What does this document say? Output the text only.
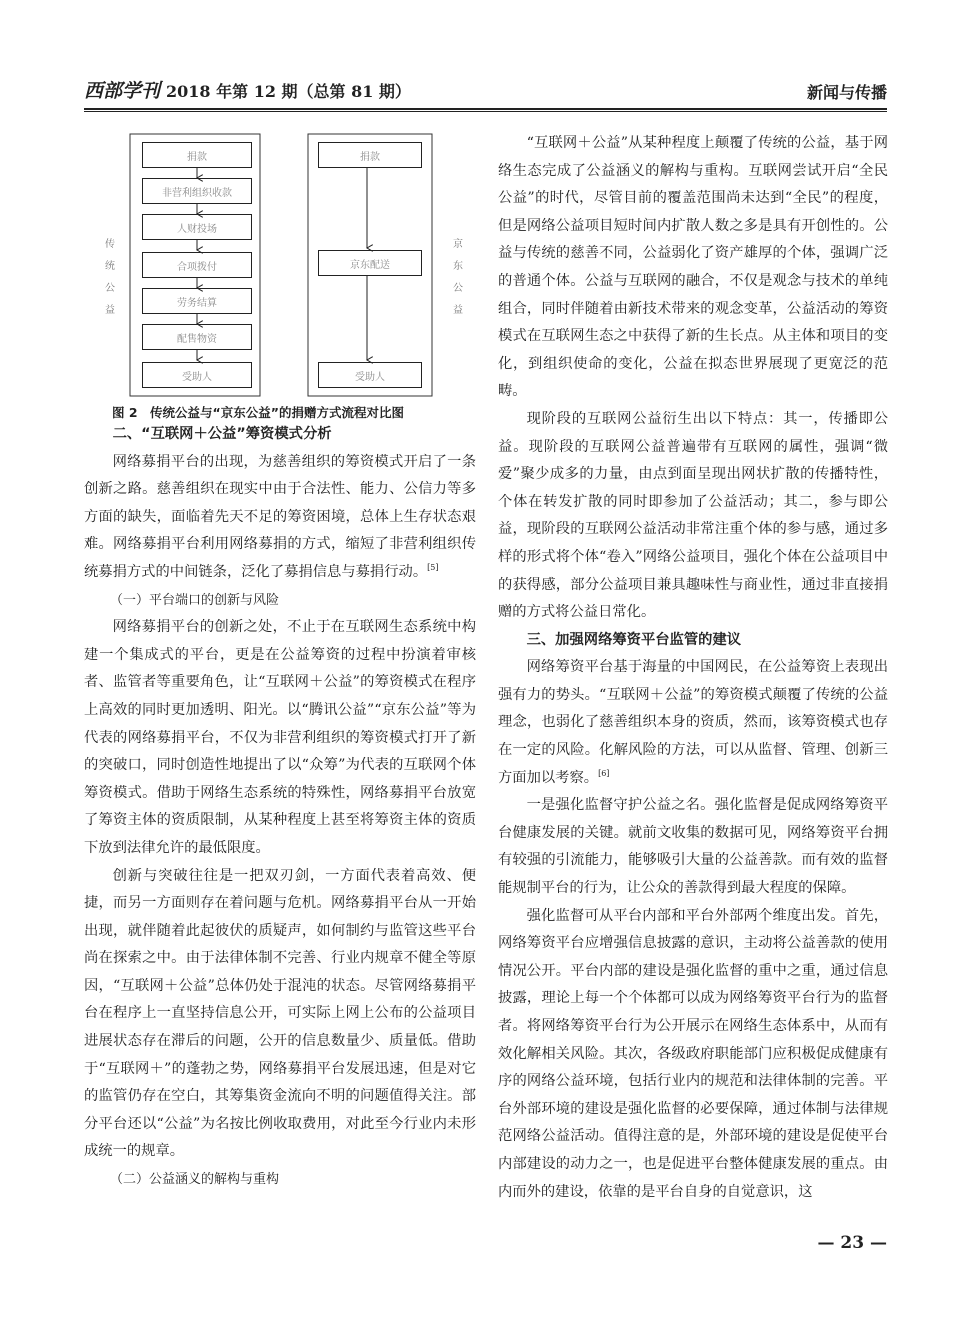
西部学刊 2018 年第 12 期（总第 81 期）	新闻与传播
捐款
非营利组织收款
人财投场
合项拨付
劳务结算
配售物资
受助人
捐款
京东配送
受助人
传统公益
京东公益
图 2　传统公益与“京东公益”的捐赠方式流程对比图
二、“互联网＋公益”筹资模式分析

网络募捐平台的出现，为慈善组织的筹资模式开启了一条创新之路。慈善组织在现实中由于合法性、能力、公信力等多方面的缺失，面临着先天不足的筹资困境，总体上生存状态艰难。网络募捐平台利用网络募捐的方式，缩短了非营利组织传统募捐方式的中间链条，泛化了募捐信息与募捐行动。[5]

（一）平台端口的创新与风险

网络募捐平台的创新之处，不止于在互联网生态系统中构建一个集成式的平台，更是在公益筹资的过程中扮演着审核者、监管者等重要角色，让“互联网＋公益”的筹资模式在程序上高效的同时更加透明、阳光。以“腾讯公益”“京东公益”等为代表的网络募捐平台，不仅为非营利组织的筹资模式打开了新的突破口，同时创造性地提出了以“众筹”为代表的互联网个体筹资模式。借助于网络生态系统的特殊性，网络募捐平台放宽了筹资主体的资质限制，从某种程度上甚至将筹资主体的资质下放到法律允许的最低限度。

创新与突破往往是一把双刃剑，一方面代表着高效、便捷，而另一方面则存在着问题与危机。网络募捐平台从一开始出现，就伴随着此起彼伏的质疑声，如何制约与监管这些平台尚在探索之中。由于法律体制不完善、行业内规章不健全等原因，“互联网＋公益”总体仍处于混沌的状态。尽管网络募捐平台在程序上一直坚持信息公开，可实际上网上公布的公益项目进展状态存在滞后的问题，公开的信息数量少、质量低。借助于“互联网＋”的蓬勃之势，网络募捐平台发展迅速，但是对它的监管仍存在空白，其筹集资金流向不明的问题值得关注。部分平台还以“公益”为名按比例收取费用，对此至今行业内未形成统一的规章。

（二）公益涵义的解构与重构

“互联网＋公益”从某种程度上颠覆了传统的公益，基于网络生态完成了公益涵义的解构与重构。互联网尝试开启“全民公益”的时代，尽管目前的覆盖范围尚未达到“全民”的程度，但是网络公益项目短时间内扩散人数之多是具有开创性的。公益与传统的慈善不同，公益弱化了资产雄厚的个体，强调广泛的普通个体。公益与互联网的融合，不仅是观念与技术的单纯组合，同时伴随着由新技术带来的观念变革，公益活动的筹资模式在互联网生态之中获得了新的生长点。从主体和项目的变化，到组织使命的变化，公益在拟态世界展现了更宽泛的范畴。

现阶段的互联网公益衍生出以下特点：其一，传播即公益。现阶段的互联网公益普遍带有互联网的属性，强调“微爱”聚少成多的力量，由点到面呈现出网状扩散的传播特性，个体在转发扩散的同时即参加了公益活动；其二，参与即公益，现阶段的互联网公益活动非常注重个体的参与感，通过多样的形式将个体“卷入”网络公益项目，强化个体在公益项目中的获得感，部分公益项目兼具趣味性与商业性，通过非直接捐赠的方式将公益日常化。

三、加强网络筹资平台监管的建议

网络筹资平台基于海量的中国网民，在公益筹资上表现出强有力的势头。“互联网＋公益”的筹资模式颠覆了传统的公益理念，也弱化了慈善组织本身的资质，然而，该筹资模式也存在一定的风险。化解风险的方法，可以从监督、管理、创新三方面加以考察。[6]

一是强化监督守护公益之名。强化监督是促成网络筹资平台健康发展的关键。就前文收集的数据可见，网络筹资平台拥有较强的引流能力，能够吸引大量的公益善款。而有效的监督能规制平台的行为，让公众的善款得到最大程度的保障。

强化监督可从平台内部和平台外部两个维度出发。首先，网络筹资平台应增强信息披露的意识，主动将公益善款的使用情况公开。平台内部的建设是强化监督的重中之重，通过信息披露，理论上每一个个体都可以成为网络筹资平台行为的监督者。将网络筹资平台行为公开展示在网络生态体系中，从而有效化解相关风险。其次，各级政府职能部门应积极促成健康有序的网络公益环境，包括行业内的规范和法律体制的完善。平台外部环境的建设是强化监督的必要保障，通过体制与法律规范网络公益活动。值得注意的是，外部环境的建设是促使平台内部建设的动力之一，也是促进平台整体健康发展的重点。由内而外的建设，依靠的是平台自身的自觉意识，这

— 23 —
